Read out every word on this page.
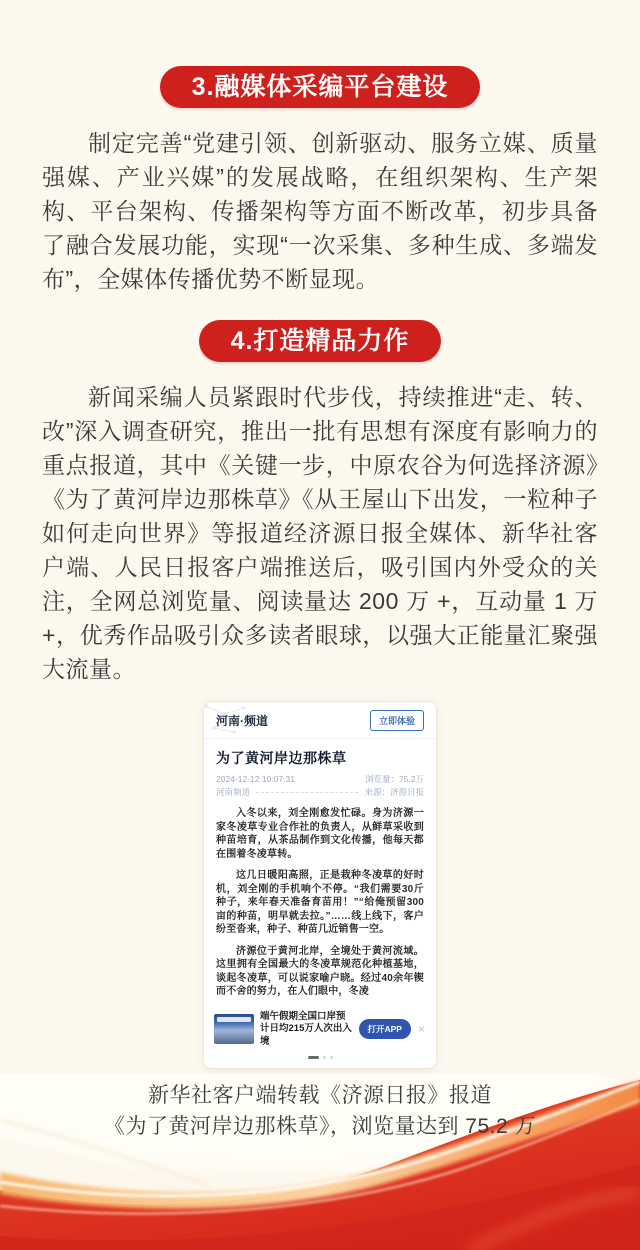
3.融媒体采编平台建设

制定完善“党建引领、创新驱动、服务立媒、质量强媒、产业兴媒”的发展战略，在组织架构、生产架构、平台架构、传播架构等方面不断改革，初步具备了融合发展功能，实现“一次采集、多种生成、多端发布”，全媒体传播优势不断显现。

4.打造精品力作

新闻采编人员紧跟时代步伐，持续推进“走、转、改”深入调查研究，推出一批有思想有深度有影响力的重点报道，其中《关键一步，中原农谷为何选择济源》《为了黄河岸边那株草》《从王屋山下出发，一粒种子如何走向世界》等报道经济源日报全媒体、新华社客户端、人民日报客户端推送后，吸引国内外受众的关注，全网总浏览量、阅读量达 200 万 +，互动量 1 万 +，优秀作品吸引众多读者眼球，以强大正能量汇聚强大流量。

河南·频道	立即体验
为了黄河岸边那株草
2024-12-12 10:07:31	浏览量：75.2万
河南频道	来源：济源日报

入冬以来，刘全刚愈发忙碌。身为济源一家冬凌草专业合作社的负责人，从鲜草采收到种苗培育，从茶品制作到文化传播，他每天都在围着冬凌草转。

这几日暖阳高照，正是栽种冬凌草的好时机，刘全刚的手机响个不停。“我们需要30斤种子，来年春天准备育苗用！”“给俺预留300亩的种苗，明早就去拉。”……线上线下，客户纷至沓来，种子、种苗几近销售一空。

济源位于黄河北岸，全境处于黄河流域。这里拥有全国最大的冬凌草规范化种植基地，谈起冬凌草，可以说家喻户晓。经过40余年锲而不舍的努力，在人们眼中，冬凌

端午假期全国口岸预计日均215万人次出入境
打开APP	×
新华社客户端转载《济源日报》报道
《为了黄河岸边那株草》，浏览量达到 75.2 万
